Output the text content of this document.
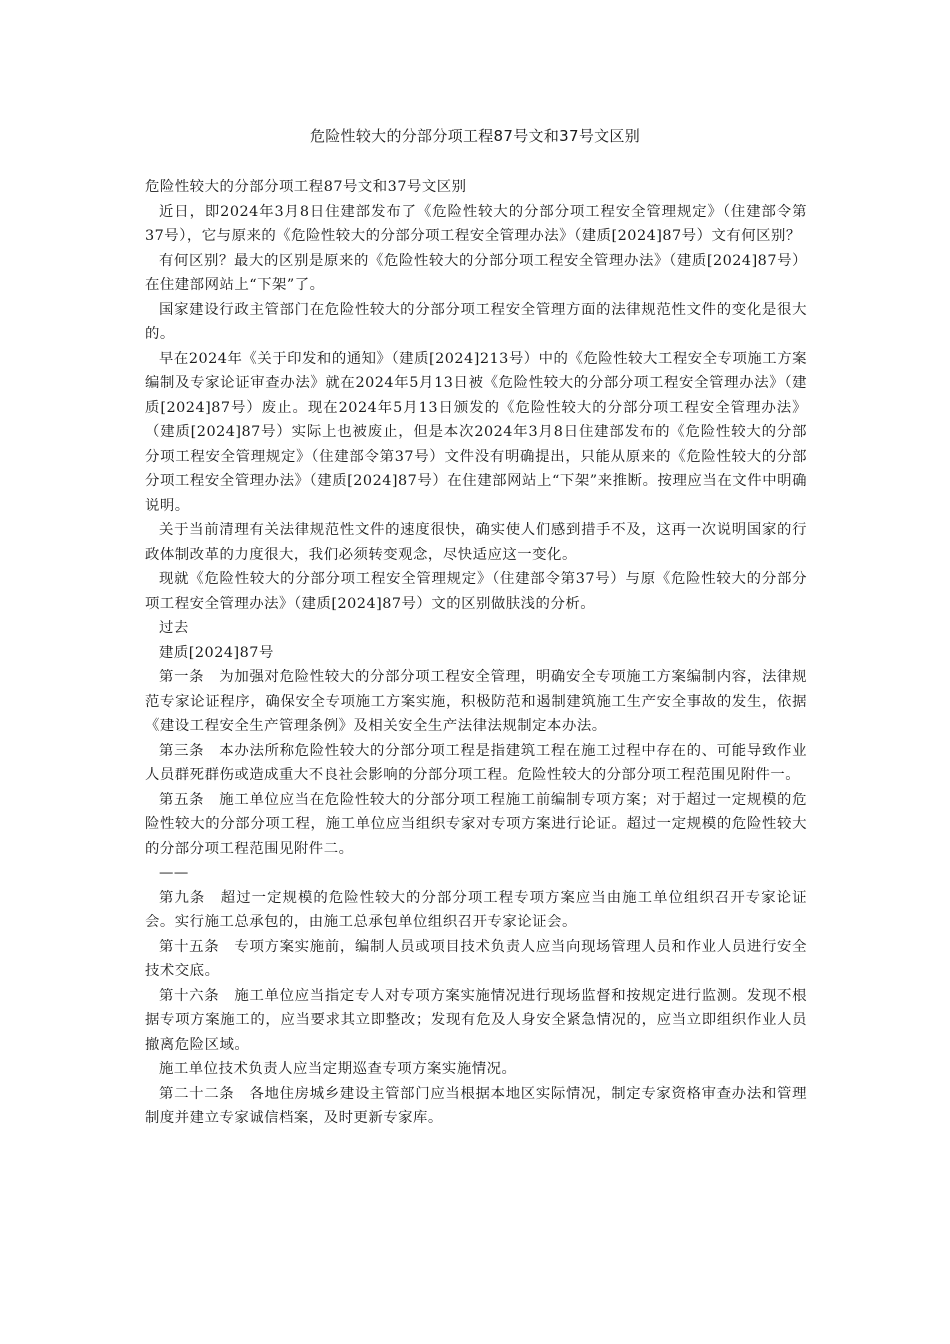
危险性较大的分部分项工程87号文和37号文区别

危险性较大的分部分项工程87号文和37号文区别

近日，即2024年3月8日住建部发布了《危险性较大的分部分项工程安全管理规定》（住建部令第37号），它与原来的《危险性较大的分部分项工程安全管理办法》（建质[2024]87号）文有何区别？

有何区别？最大的区别是原来的《危险性较大的分部分项工程安全管理办法》（建质[2024]87号）在住建部网站上“下架”了。

国家建设行政主管部门在危险性较大的分部分项工程安全管理方面的法律规范性文件的变化是很大的。

早在2024年《关于印发和的通知》（建质[2024]213号）中的《危险性较大工程安全专项施工方案编制及专家论证审查办法》就在2024年5月13日被《危险性较大的分部分项工程安全管理办法》（建质[2024]87号）废止。现在2024年5月13日颁发的《危险性较大的分部分项工程安全管理办法》（建质[2024]87号）实际上也被废止，但是本次2024年3月8日住建部发布的《危险性较大的分部分项工程安全管理规定》（住建部令第37号）文件没有明确提出，只能从原来的《危险性较大的分部分项工程安全管理办法》（建质[2024]87号）在住建部网站上“下架”来推断。按理应当在文件中明确说明。

关于当前清理有关法律规范性文件的速度很快，确实使人们感到措手不及，这再一次说明国家的行政体制改革的力度很大，我们必须转变观念，尽快适应这一变化。

现就《危险性较大的分部分项工程安全管理规定》（住建部令第37号）与原《危险性较大的分部分项工程安全管理办法》（建质[2024]87号）文的区别做肤浅的分析。

过去

建质[2024]87号

第一条　为加强对危险性较大的分部分项工程安全管理，明确安全专项施工方案编制内容，法律规范专家论证程序，确保安全专项施工方案实施，积极防范和遏制建筑施工生产安全事故的发生，依据《建设工程安全生产管理条例》及相关安全生产法律法规制定本办法。

第三条　本办法所称危险性较大的分部分项工程是指建筑工程在施工过程中存在的、可能导致作业人员群死群伤或造成重大不良社会影响的分部分项工程。危险性较大的分部分项工程范围见附件一。

第五条　施工单位应当在危险性较大的分部分项工程施工前编制专项方案；对于超过一定规模的危险性较大的分部分项工程，施工单位应当组织专家对专项方案进行论证。超过一定规模的危险性较大的分部分项工程范围见附件二。

——

第九条　超过一定规模的危险性较大的分部分项工程专项方案应当由施工单位组织召开专家论证会。实行施工总承包的，由施工总承包单位组织召开专家论证会。

第十五条　专项方案实施前，编制人员或项目技术负责人应当向现场管理人员和作业人员进行安全技术交底。

第十六条　施工单位应当指定专人对专项方案实施情况进行现场监督和按规定进行监测。发现不根据专项方案施工的，应当要求其立即整改；发现有危及人身安全紧急情况的，应当立即组织作业人员撤离危险区域。

施工单位技术负责人应当定期巡查专项方案实施情况。

第二十二条　各地住房城乡建设主管部门应当根据本地区实际情况，制定专家资格审查办法和管理制度并建立专家诚信档案，及时更新专家库。
